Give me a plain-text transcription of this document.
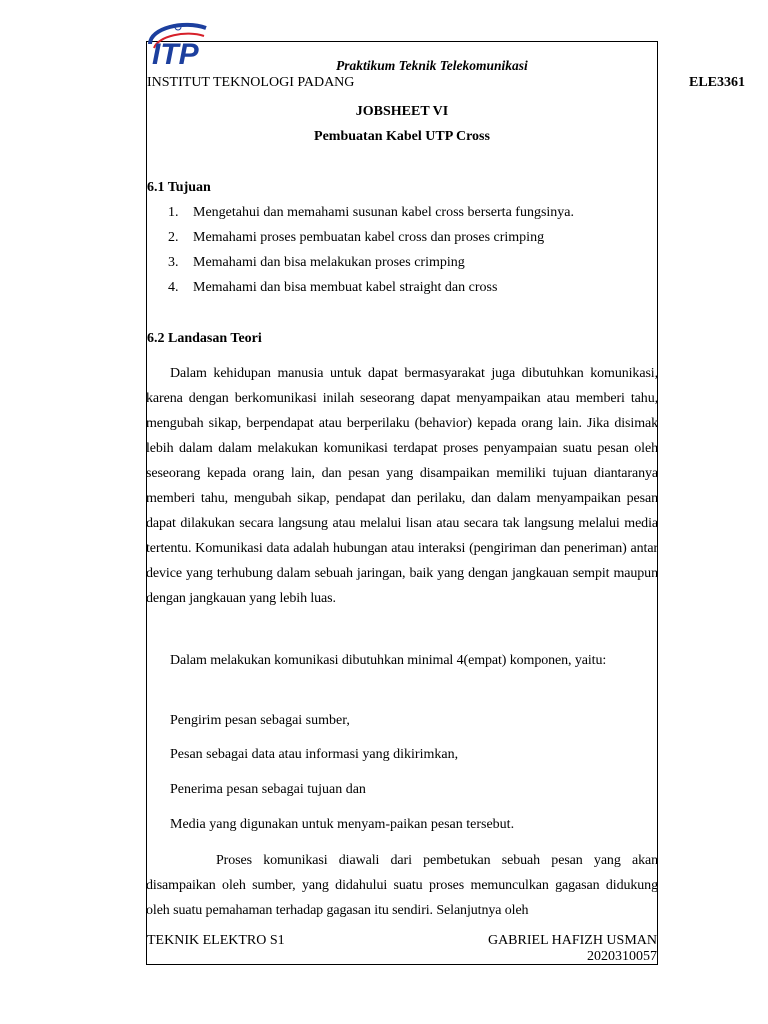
ITP	Praktikum Teknik Telekomunikasi
INSTITUT TEKNOLOGI PADANG	ELE3361
JOBSHEET VI
Pembuatan Kabel UTP Cross
6.1 Tujuan
1. Mengetahui dan memahami susunan kabel cross berserta fungsinya.
2. Memahami proses pembuatan kabel cross dan proses crimping
3. Memahami dan bisa melakukan proses crimping
4. Memahami dan bisa membuat kabel straight dan cross
6.2 Landasan Teori

Dalam kehidupan manusia untuk dapat bermasyarakat juga dibutuhkan komunikasi, karena dengan berkomunikasi inilah seseorang dapat menyampaikan atau memberi tahu, mengubah sikap, berpendapat atau berperilaku (behavior) kepada orang lain. Jika disimak lebih dalam dalam melakukan komunikasi terdapat proses penyampaian suatu pesan oleh seseorang kepada orang lain, dan pesan yang disampaikan memiliki tujuan diantaranya memberi tahu, mengubah sikap, pendapat dan perilaku, dan dalam menyampaikan pesan dapat dilakukan secara langsung atau melalui lisan atau secara tak langsung melalui media tertentu. Komunikasi data adalah hubungan atau interaksi (pengiriman dan peneriman) antar device yang terhubung dalam sebuah jaringan, baik yang dengan jangkauan sempit maupun dengan jangkauan yang lebih luas.

Dalam melakukan komunikasi dibutuhkan minimal 4(empat) komponen, yaitu:

Pengirim pesan sebagai sumber,
Pesan sebagai data atau informasi yang dikirimkan,
Penerima pesan sebagai tujuan dan
Media yang digunakan untuk menyam-paikan pesan tersebut.

Proses komunikasi diawali dari pembetukan sebuah pesan yang akan disampaikan oleh sumber, yang didahului suatu proses memunculkan gagasan didukung oleh suatu pemahaman terhadap gagasan itu sendiri. Selanjutnya oleh

TEKNIK ELEKTRO S1	GABRIEL HAFIZH USMAN
2020310057
